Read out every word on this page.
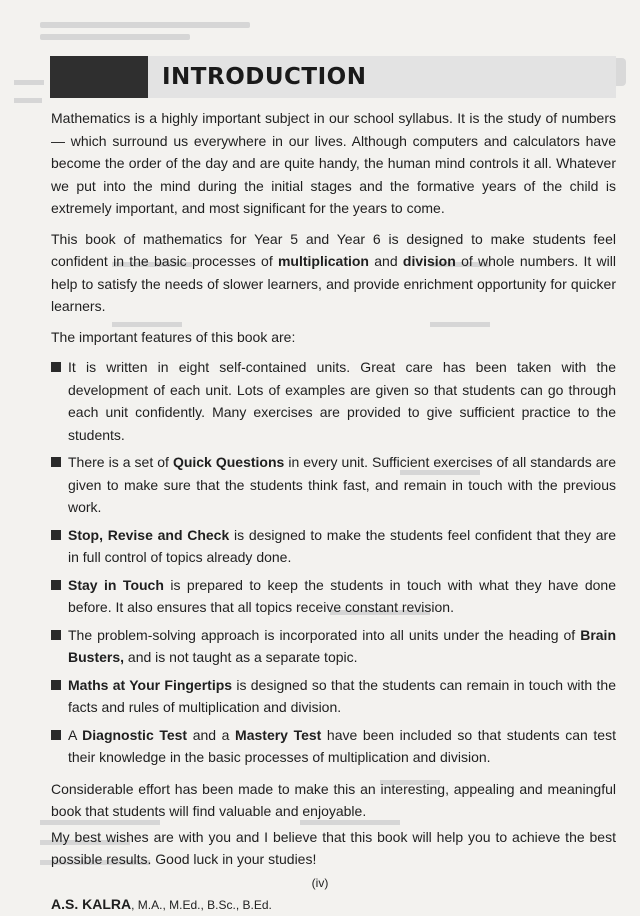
INTRODUCTION

Mathematics is a highly important subject in our school syllabus. It is the study of numbers— which surround us everywhere in our lives. Although computers and calculators have become the order of the day and are quite handy, the human mind controls it all. Whatever we put into the mind during the initial stages and the formative years of the child is extremely important, and most significant for the years to come.

This book of mathematics for Year 5 and Year 6 is designed to make students feel confident in the basic processes of multiplication and division of whole numbers. It will help to satisfy the needs of slower learners, and provide enrichment opportunity for quicker learners.

The important features of this book are:

It is written in eight self-contained units. Great care has been taken with the development of each unit. Lots of examples are given so that students can go through each unit confidently. Many exercises are provided to give sufficient practice to the students.
There is a set of Quick Questions in every unit. Sufficient exercises of all standards are given to make sure that the students think fast, and remain in touch with the previous work.
Stop, Revise and Check is designed to make the students feel confident that they are in full control of topics already done.
Stay in Touch is prepared to keep the students in touch with what they have done before. It also ensures that all topics receive constant revision.
The problem-solving approach is incorporated into all units under the heading of Brain Busters, and is not taught as a separate topic.
Maths at Your Fingertips is designed so that the students can remain in touch with the facts and rules of multiplication and division.
A Diagnostic Test and a Mastery Test have been included so that students can test their knowledge in the basic processes of multiplication and division.

Considerable effort has been made to make this an interesting, appealing and meaningful book that students will find valuable and enjoyable.

My best wishes are with you and I believe that this book will help you to achieve the best possible results. Good luck in your studies!

A.S. KALRA, M.A., M.Ed., B.Sc., B.Ed.
(iv)
